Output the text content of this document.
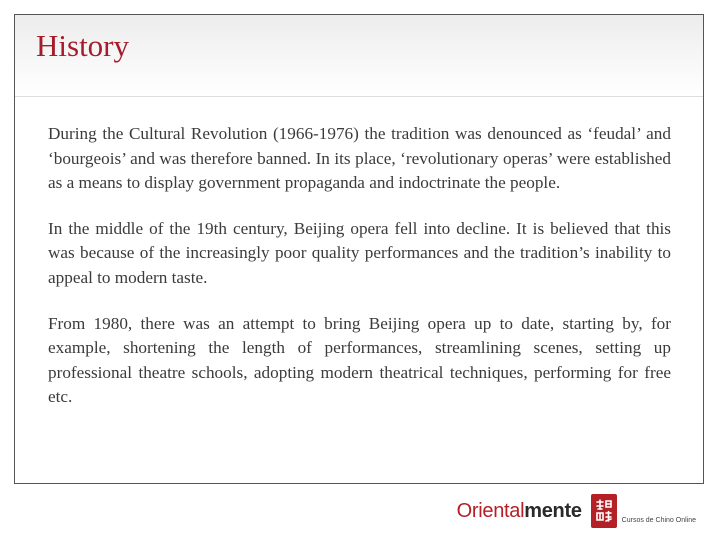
History

During the Cultural Revolution (1966-1976) the tradition was denounced as ‘feudal’ and ‘bourgeois’ and was therefore banned. In its place, ‘revolutionary operas’ were established as a means to display government propaganda and indoctrinate the people.

In the middle of the 19th century, Beijing opera fell into decline. It is believed that this was because of the increasingly poor quality performances and the tradition’s inability to appeal to modern taste.

From 1980, there was an attempt to bring Beijing opera up to date, starting by, for example, shortening the length of performances, streamlining scenes, setting up professional theatre schools, adopting modern theatrical techniques, performing for free etc.

Orientalmente	Cursos de Chino Online
